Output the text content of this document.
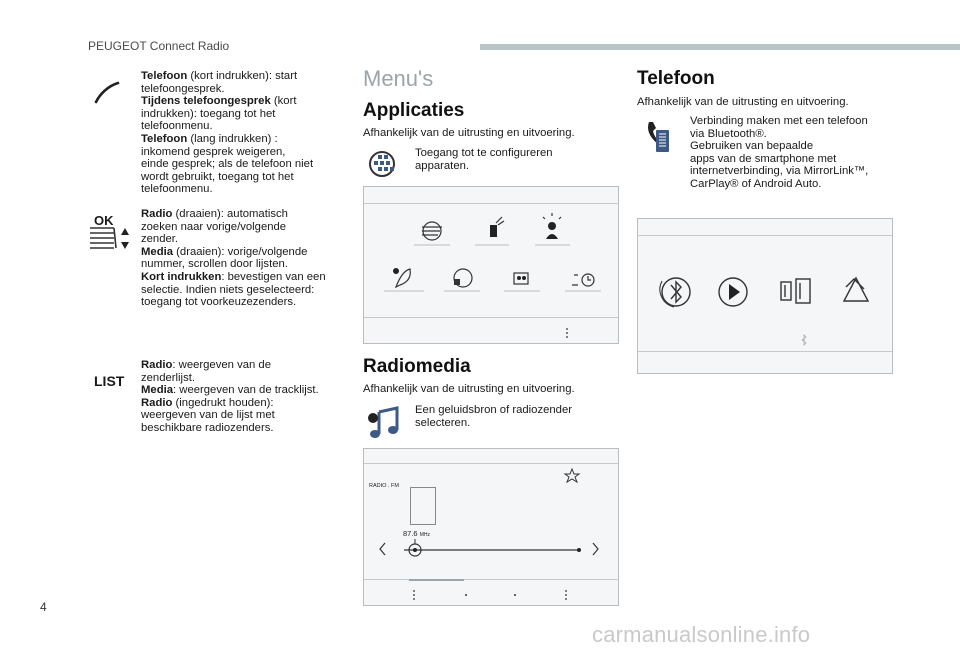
PEUGEOT Connect Radio
Telefoon (kort indrukken): start
telefoongesprek.
Tijdens telefoongesprek (kort
indrukken): toegang tot het
telefoonmenu.
Telefoon (lang indrukken) :
inkomend gesprek weigeren,
einde gesprek; als de telefoon niet
wordt gebruikt, toegang tot het
telefoonmenu.
OK Radio (draaien): automatisch
zoeken naar vorige/volgende
zender.
Media (draaien): vorige/volgende
nummer, scrollen door lijsten.
Kort indrukken: bevestigen van een
selectie. Indien niets geselecteerd:
toegang tot voorkeuzezenders.
LIST
Radio: weergeven van de
zenderlijst.
Media: weergeven van de tracklijst.
Radio (ingedrukt houden):
weergeven van de lijst met
beschikbare radiozenders.
Menu's
Applicaties
Afhankelijk van de uitrusting en uitvoering.
Toegang tot te configureren
apparaten.
Radiomedia
Afhankelijk van de uitrusting en uitvoering.
Een geluidsbron of radiozender
selecteren.
RADIO . FM
87.6 MHz
Telefoon
Afhankelijk van de uitrusting en uitvoering.
Verbinding maken met een telefoon
via Bluetooth®.
Gebruiken van bepaalde
apps van de smartphone met
internetverbinding, via MirrorLink™,
CarPlay® of Android Auto.
4
carmanualsonline.info
